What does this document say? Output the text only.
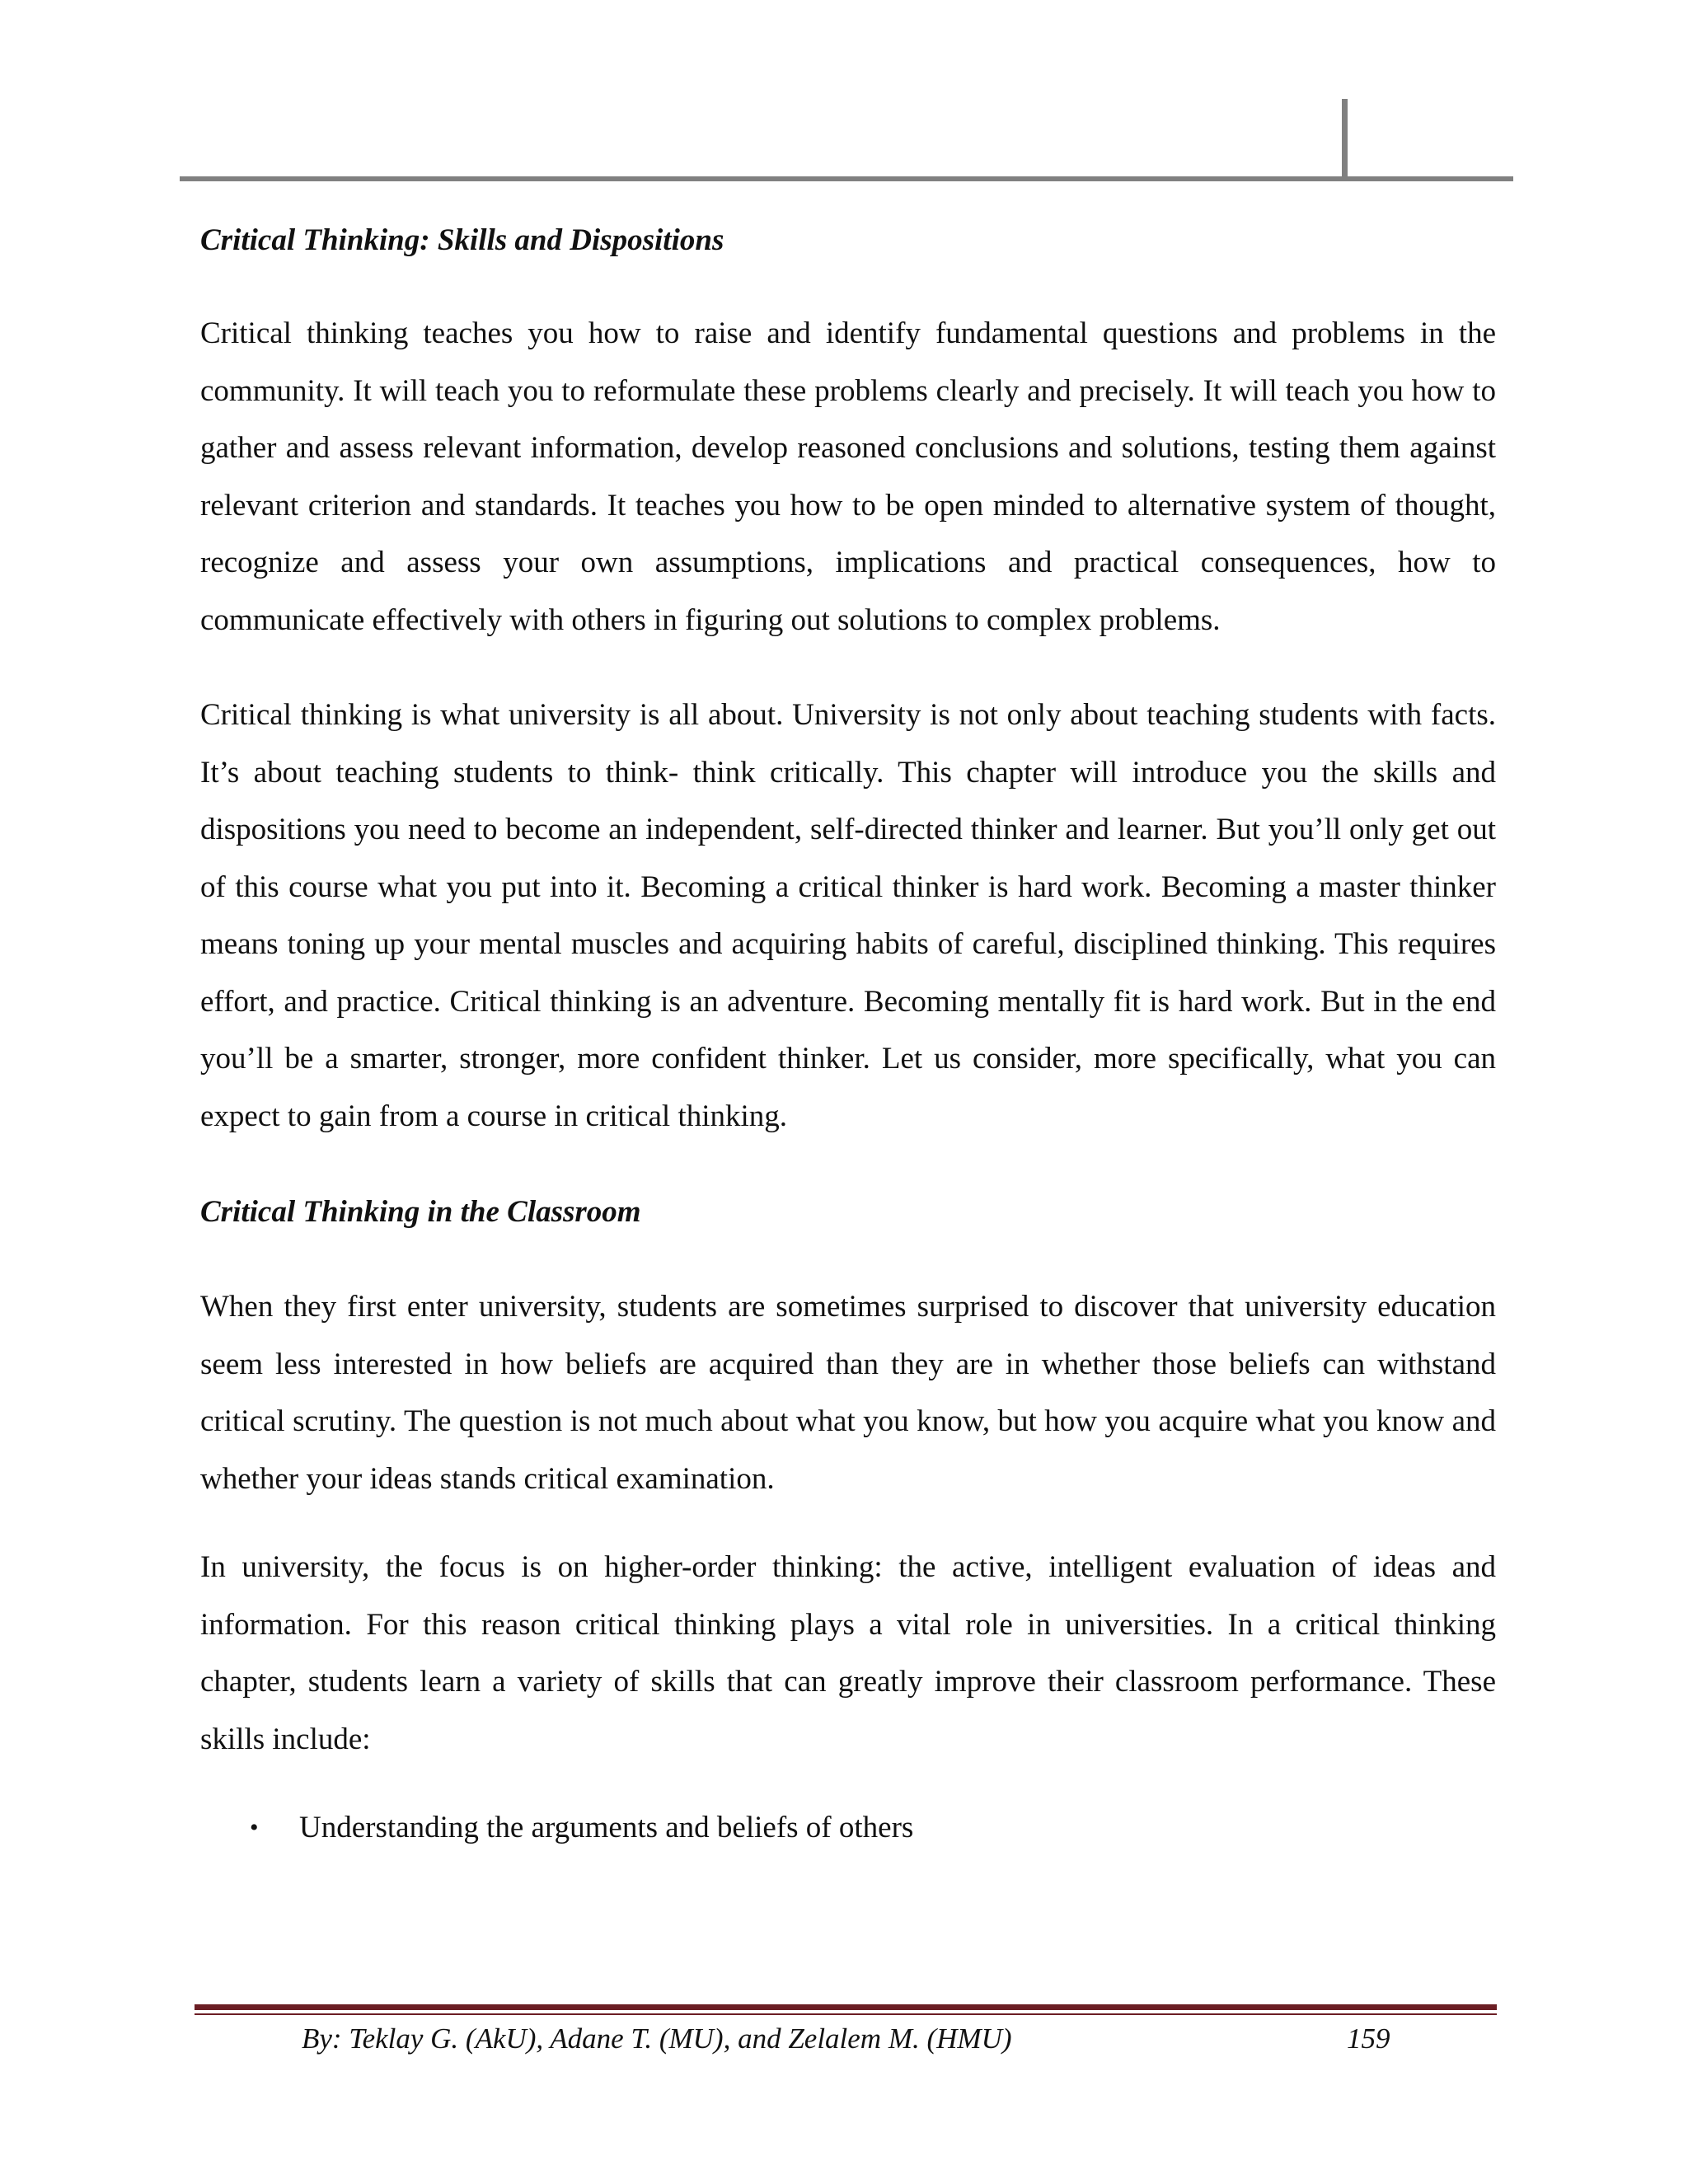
Critical Thinking: Skills and Dispositions

Critical thinking teaches you how to raise and identify fundamental questions and problems in the community. It will teach you to reformulate these problems clearly and precisely. It will teach you how to gather and assess relevant information, develop reasoned conclusions and solutions, testing them against relevant criterion and standards. It teaches you how to be open minded to alternative system of thought, recognize and assess your own assumptions, implications and practical consequences, how to communicate effectively with others in figuring out solutions to complex problems.

Critical thinking is what university is all about. University is not only about teaching students with facts. It’s about teaching students to think- think critically. This chapter will introduce you the skills and dispositions you need to become an independent, self-directed thinker and learner. But you’ll only get out of this course what you put into it. Becoming a critical thinker is hard work. Becoming a master thinker means toning up your mental muscles and acquiring habits of careful, disciplined thinking. This requires effort, and practice. Critical thinking is an adventure. Becoming mentally fit is hard work. But in the end you’ll be a smarter, stronger, more confident thinker. Let us consider, more specifically, what you can expect to gain from a course in critical thinking.

Critical Thinking in the Classroom

When they first enter university, students are sometimes surprised to discover that university education seem less interested in how beliefs are acquired than they are in whether those beliefs can withstand critical scrutiny. The question is not much about what you know, but how you acquire what you know and whether your ideas stands critical examination.

In university, the focus is on higher-order thinking: the active, intelligent evaluation of ideas and information. For this reason critical thinking plays a vital role in universities. In a critical thinking chapter, students learn a variety of skills that can greatly improve their classroom performance. These skills include:

• Understanding the arguments and beliefs of others
By: Teklay G. (AkU), Adane T. (MU), and Zelalem M. (HMU)	159
